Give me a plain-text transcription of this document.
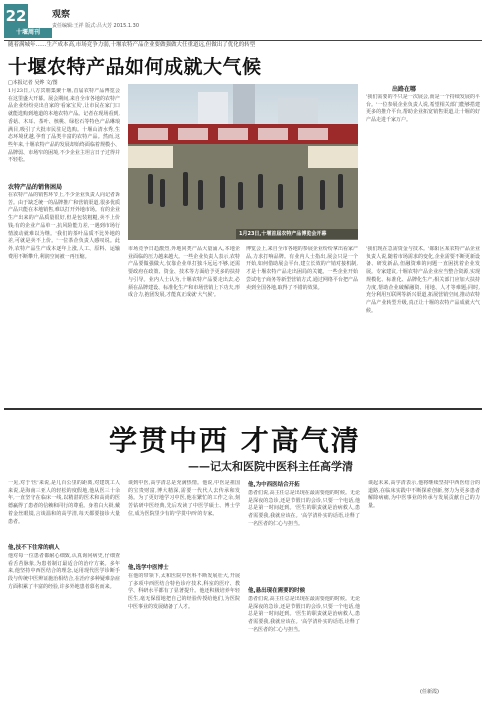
22
十堰周刊
观察
责任编辑:王祥 版式:吕大芳 2015.1.30
随着满城年……生产成本高,市场竞争力弱,十堰农特产品企业要做强做大任重道远,但做出了优化的转型
十堰农特产品如何成就大气候
□本报记者 吴烨 文/图
1月23日,八方宾朋集聚十堰,首届农特产品博览会在这里盛大开幕。展会期间,来自全市各地的农特产品企业纷纷亮出自家的'看家宝贝',让市民在家门口就能选购到地道的本地农特产品。记者在现场看到,香菇、木耳、茶叶、核桃、绿松石等特色产品琳琅满目,吸引了大批市民驻足选购。十堰山清水秀,生态环境优越,孕育了品类丰富的农特产品。然而,这些年来,十堰农特产品的发展却始终面临着规模小、品牌弱、市场窄的困境,不少企业主坦言日子过得并不轻松。
农特产品的销售困局
在农特产品的销售环节上,不少企业负责人向记者诉苦。由于缺乏统一的品牌推广和营销渠道,很多优质产品只能在本地销售,难以打开外地市场。有的企业生产出来的产品质量很好,但是包装粗糙,卖不上价钱;有的企业产品单一,抗风险能力差,一遇到市场行情波动就难以为继。'我们的茶叶品质不比外地的差,可就是卖不上价。'一位茶企负责人感叹说。此外,农特产品生产成本逐年上涨,人工、原料、运输费用不断攀升,利润空间被一再压缩。
1月23日,十堰首届农特产品博览会开幕
市场竞争日趋激烈,外地同类产品大量涌入,本地企业面临的压力越来越大。一些企业负责人表示,农特产品要做强做大,仅靠企业单打独斗远远不够,还需要政府在政策、资金、技术等方面给予更多的扶持与引导。业内人士认为,十堰农特产品要走出去,必须在品牌建设、标准化生产和市场营销上下功夫,形成合力,抱团发展,才能真正成就'大气候'。
博览会上,来自全市各地的参展企业纷纷拿出看家产品,力求打响品牌。有业内人士指出,展会只是一个开始,如何借助展会平台,建立长效的产销对接机制,才是十堰农特产品走出困局的关键。一些企业开始尝试电子商务等新型营销方式,通过网络平台把产品卖到全国各地,取得了不错的效果。
出路在哪
'我们需要的不只是一次展会,而是一个持续发展的平台。'一位参展企业负责人说,希望相关部门能够搭建更多的推介平台,帮助企业拓宽销售渠道,让十堰的好产品走进千家万户。
'我们现在急需资金与技术。'郧阳区某农特产品企业负责人说,随着市场需求的变化,企业需要不断更新设备、研发新品,但融资难的问题一直困扰着企业发展。专家建议,十堰农特产品企业应当整合资源,实现规模化、标准化、品牌化生产;相关部门应加大扶持力度,帮助企业破解融资、用地、人才等难题;同时,充分利用互联网等新兴渠道,拓展营销空间,推动农特产品产业转型升级,真正让十堰的农特产品成就大气候。
学贯中西 才高气清
——记太和医院中医科主任高学清
一见,对于'医'来说,是几百公里的距离,对建筑工人来说,是海南三亚人的轻松的度假地,他从医三十余年,一直坚守在临床一线,以精湛的医术和高尚的医德赢得了患者的信赖和同行的尊重。身着白大褂,戴着金丝眼镜,言谈温和的高学清,每天都要接诊大量患者。
他,技不下往常的病人
他对每一位患者都耐心细致,认真询问病史,仔细查看舌苔脉象,为患者制订最适合的治疗方案。多年来,他坚持中西医结合的理念,运用现代医学诊断手段与传统中医辨证施治相结合,在治疗多种疑难杂症方面积累了丰富的经验,许多外地患者慕名而来。
谈到中医,高学清总是充满热情。他说,中医是祖国的宝贵财富,博大精深,需要一代代人去传承和发扬。为了更好地学习中医,他在繁忙的工作之余,刻苦钻研中医经典,先后攻读了中医学硕士、博士学位,成为医院里少有的'学贯中西'的专家。
他,选学中医博士
在他的带领下,太和医院中医科不断发展壮大,开展了多项中西医结合特色诊疗技术,科室的医疗、教学、科研水平都有了显著提升。他还积极培养年轻医生,毫无保留地把自己的经验传授给他们,为医院中医事业的发展储备了人才。
他,为中西医结合开拓
患者们说,高主任总是出现在最需要他的时候。无论是深夜的急诊,还是节假日的会诊,只要一个电话,他总是第一时间赶到。'医生的职责就是治病救人,患者需要我,我就应该在。'高学清朴实的话语,诠释了一名医者的仁心与担当。
他,悬出现在需要的时候
患者们说,高主任总是出现在最需要他的时候。无论是深夜的急诊,还是节假日的会诊,只要一个电话,他总是第一时间赶到。'医生的职责就是治病救人,患者需要我,我就应该在。'高学清朴实的话语,诠释了一名医者的仁心与担当。
谈起未来,高学清表示,他将继续坚持中西医结合的道路,在临床实践中不断探索创新,努力为更多患者解除病痛,为中医事业的传承与发展贡献自己的力量。
(任新霞)
